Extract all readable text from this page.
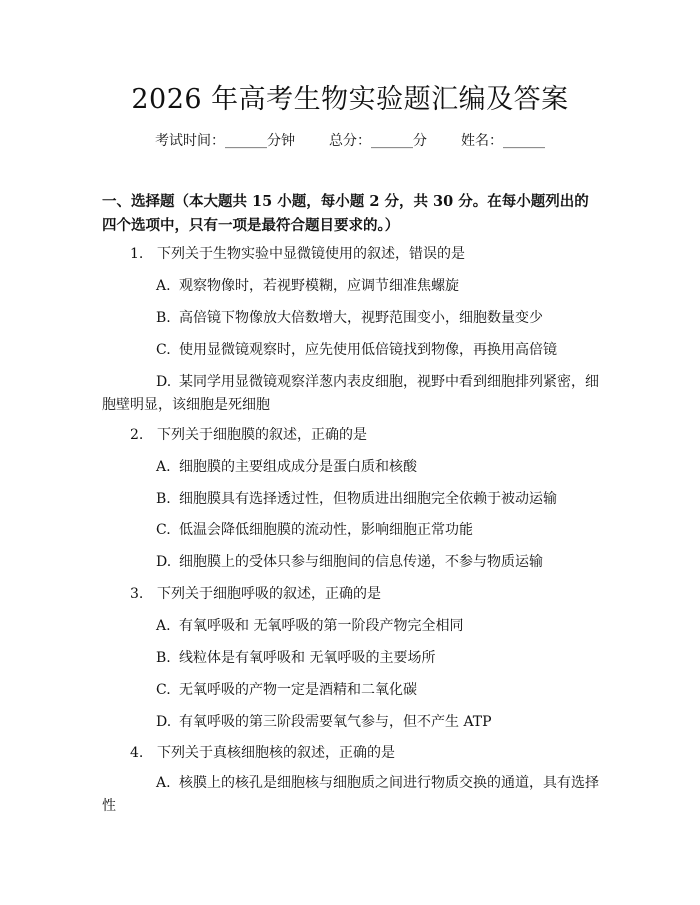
2026 年高考生物实验题汇编及答案
考试时间：______分钟 总分：______分 姓名：______
一、选择题（本大题共 15 小题，每小题 2 分，共 30 分。在每小题列出的四个选项中，只有一项是最符合题目要求的。）
1. 下列关于生物实验中显微镜使用的叙述，错误的是
A. 观察物像时，若视野模糊，应调节细准焦螺旋
B. 高倍镜下物像放大倍数增大，视野范围变小，细胞数量变少
C. 使用显微镜观察时，应先使用低倍镜找到物像，再换用高倍镜
D. 某同学用显微镜观察洋葱内表皮细胞，视野中看到细胞排列紧密，细胞壁明显，该细胞是死细胞
2. 下列关于细胞膜的叙述，正确的是
A. 细胞膜的主要组成成分是蛋白质和核酸
B. 细胞膜具有选择透过性，但物质进出细胞完全依赖于被动运输
C. 低温会降低细胞膜的流动性，影响细胞正常功能
D. 细胞膜上的受体只参与细胞间的信息传递，不参与物质运输
3. 下列关于细胞呼吸的叙述，正确的是
A. 有氧呼吸和 无氧呼吸的第一阶段产物完全相同
B. 线粒体是有氧呼吸和 无氧呼吸的主要场所
C. 无氧呼吸的产物一定是酒精和二氧化碳
D. 有氧呼吸的第三阶段需要氧气参与，但不产生 ATP
4. 下列关于真核细胞核的叙述，正确的是
A. 核膜上的核孔是细胞核与细胞质之间进行物质交换的通道，具有选择性
